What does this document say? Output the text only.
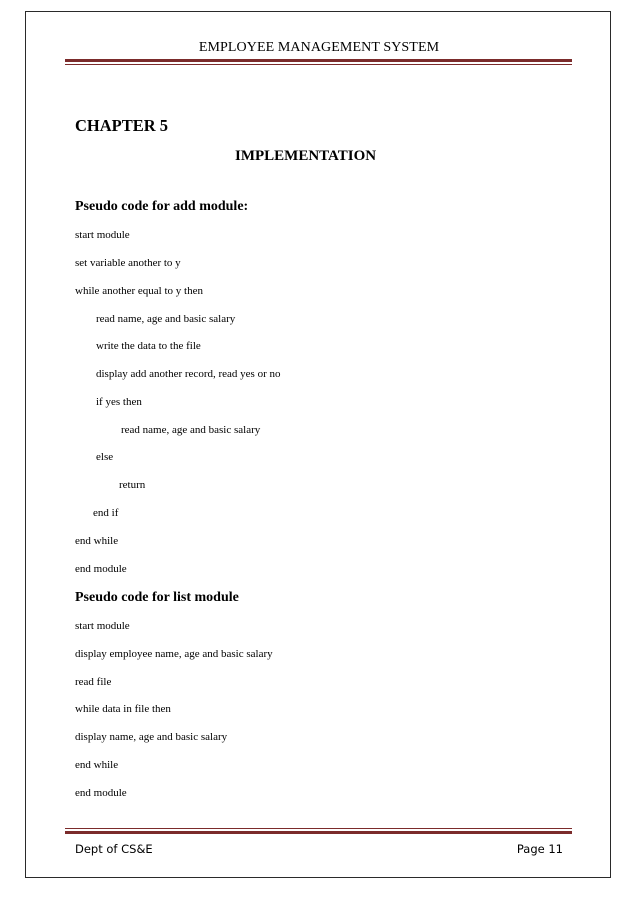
EMPLOYEE MANAGEMENT SYSTEM
CHAPTER 5
IMPLEMENTATION
Pseudo code for add module:
start module
set variable another to y
while another equal to y then
read name, age and basic salary
write the data to the file
display add another record, read yes or no
if yes then
read name, age and basic salary
else
return
end if
end while
end module
Pseudo code for list module
start module
display employee name, age and basic salary
read file
while data in file then
display name, age and basic salary
end while
end module
Dept of CS&E	Page 11
